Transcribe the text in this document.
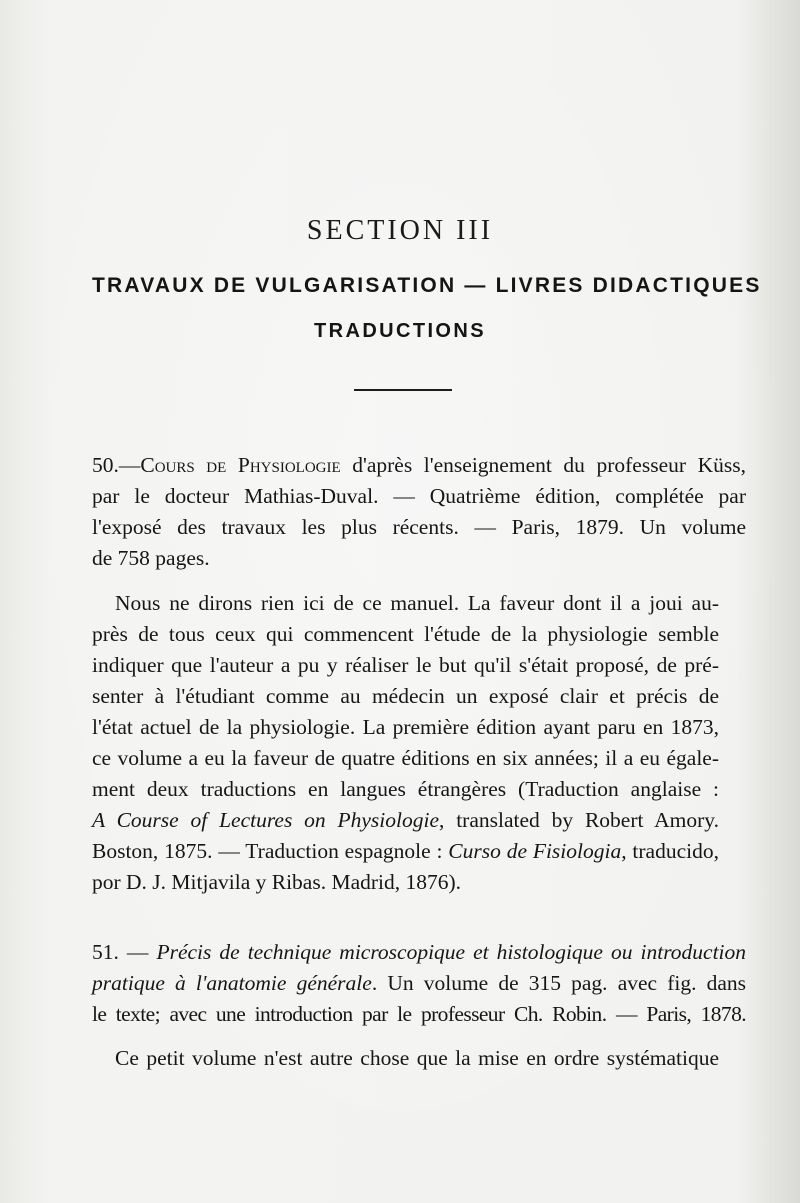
SECTION III
TRAVAUX DE VULGARISATION — LIVRES DIDACTIQUES
TRADUCTIONS
50.—Cours de Physiologie d'après l'enseignement du professeur Küss,
par le docteur Mathias-Duval. — Quatrième édition, complétée par
l'exposé des travaux les plus récents. — Paris, 1879. Un volume
de 758 pages.
Nous ne dirons rien ici de ce manuel. La faveur dont il a joui au-
près de tous ceux qui commencent l'étude de la physiologie semble
indiquer que l'auteur a pu y réaliser le but qu'il s'était proposé, de pré-
senter à l'étudiant comme au médecin un exposé clair et précis de
l'état actuel de la physiologie. La première édition ayant paru en 1873,
ce volume a eu la faveur de quatre éditions en six années; il a eu égale-
ment deux traductions en langues étrangères (Traduction anglaise :
A Course of Lectures on Physiologie, translated by Robert Amory.
Boston, 1875. — Traduction espagnole : Curso de Fisiologia, traducido,
por D. J. Mitjavila y Ribas. Madrid, 1876).
51. — Précis de technique microscopique et histologique ou introduction
pratique à l'anatomie générale. Un volume de 315 pag. avec fig. dans
le texte; avec une introduction par le professeur Ch. Robin. — Paris, 1878.
Ce petit volume n'est autre chose que la mise en ordre systématique
